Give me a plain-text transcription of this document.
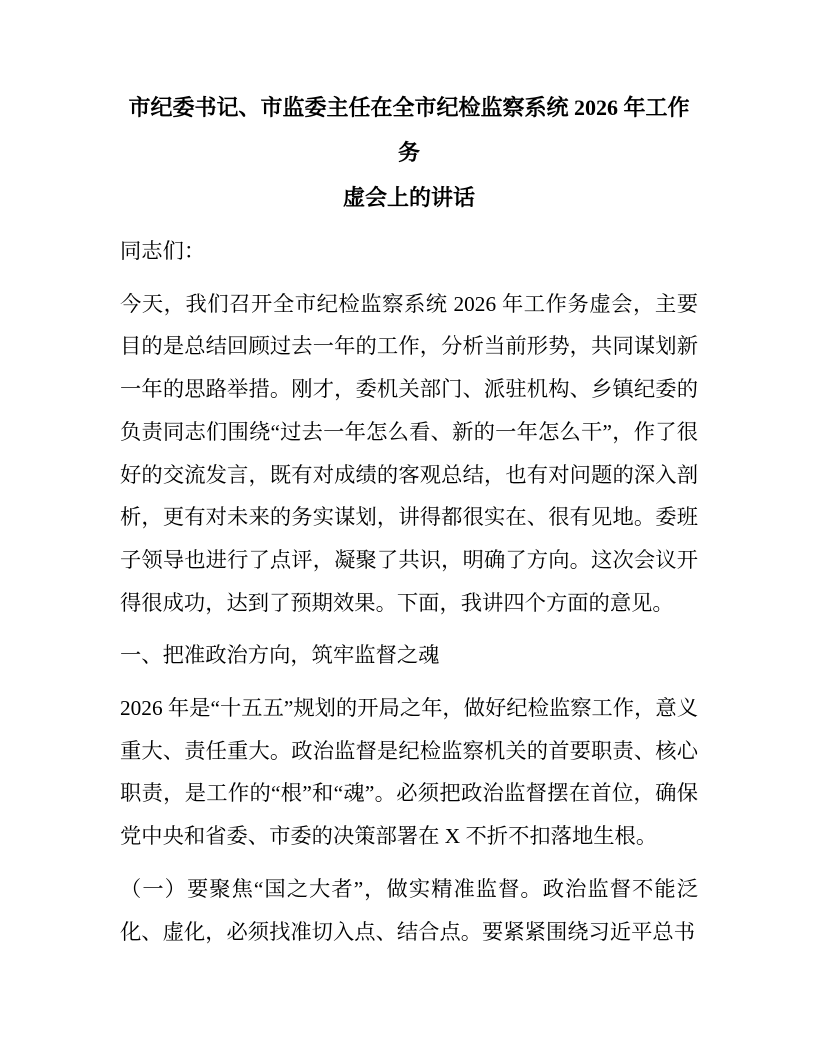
市纪委书记、市监委主任在全市纪检监察系统 2026 年工作务
虚会上的讲话

同志们：

今天，我们召开全市纪检监察系统 2026 年工作务虚会，主要目的是总结回顾过去一年的工作，分析当前形势，共同谋划新一年的思路举措。刚才，委机关部门、派驻机构、乡镇纪委的负责同志们围绕“过去一年怎么看、新的一年怎么干”，作了很好的交流发言，既有对成绩的客观总结，也有对问题的深入剖析，更有对未来的务实谋划，讲得都很实在、很有见地。委班子领导也进行了点评，凝聚了共识，明确了方向。这次会议开得很成功，达到了预期效果。下面，我讲四个方面的意见。

一、把准政治方向，筑牢监督之魂

2026 年是“十五五”规划的开局之年，做好纪检监察工作，意义重大、责任重大。政治监督是纪检监察机关的首要职责、核心职责，是工作的“根”和“魂”。必须把政治监督摆在首位，确保党中央和省委、市委的决策部署在 X 不折不扣落地生根。

（一）要聚焦“国之大者”，做实精准监督。政治监督不能泛化、虚化，必须找准切入点、结合点。要紧紧围绕习近平总书
